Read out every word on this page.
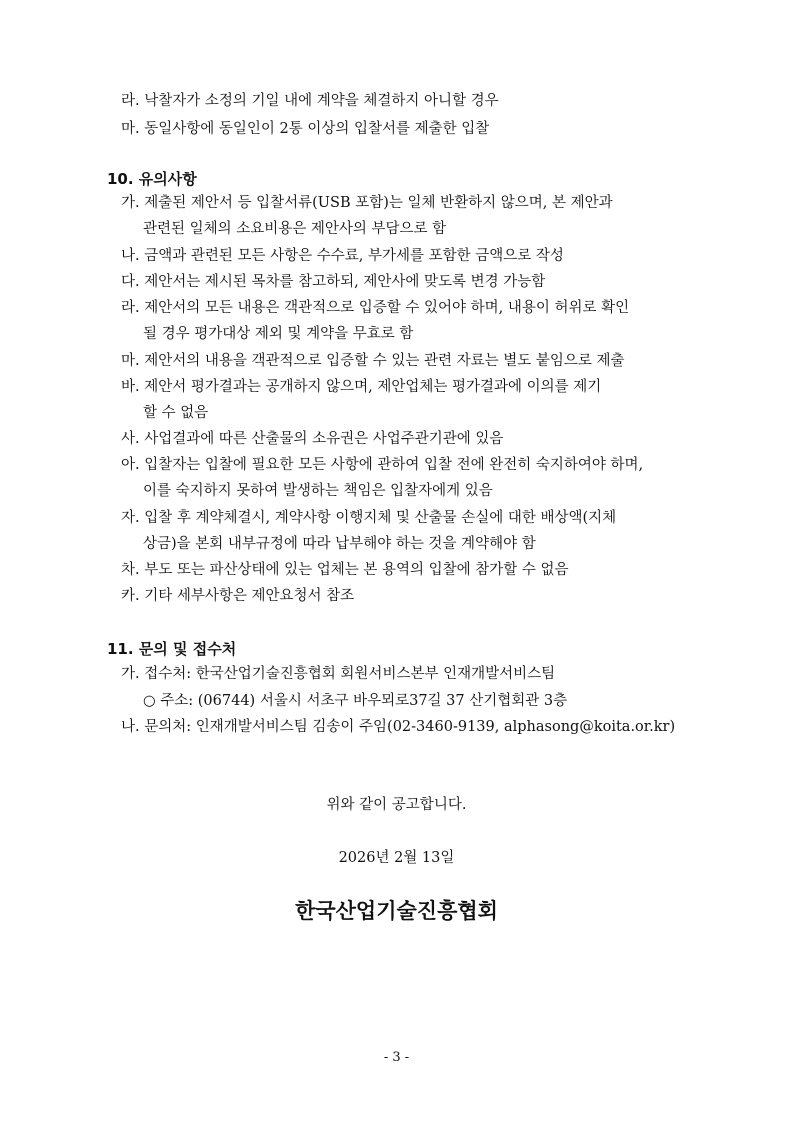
라. 낙찰자가 소정의 기일 내에 계약을 체결하지 아니할 경우
마. 동일사항에 동일인이 2통 이상의 입찰서를 제출한 입찰
10. 유의사항
가. 제출된 제안서 등 입찰서류(USB 포함)는 일체 반환하지 않으며, 본 제안과
관련된 일체의 소요비용은 제안사의 부담으로 함
나. 금액과 관련된 모든 사항은 수수료, 부가세를 포함한 금액으로 작성
다. 제안서는 제시된 목차를 참고하되, 제안사에 맞도록 변경 가능함
라. 제안서의 모든 내용은 객관적으로 입증할 수 있어야 하며, 내용이 허위로 확인
될 경우 평가대상 제외 및 계약을 무효로 함
마. 제안서의 내용을 객관적으로 입증할 수 있는 관련 자료는 별도 붙임으로 제출
바. 제안서 평가결과는 공개하지 않으며, 제안업체는 평가결과에 이의를 제기
할 수 없음
사. 사업결과에 따른 산출물의 소유권은 사업주관기관에 있음
아. 입찰자는 입찰에 필요한 모든 사항에 관하여 입찰 전에 완전히 숙지하여야 하며,
이를 숙지하지 못하여 발생하는 책임은 입찰자에게 있음
자. 입찰 후 계약체결시, 계약사항 이행지체 및 산출물 손실에 대한 배상액(지체
상금)을 본회 내부규정에 따라 납부해야 하는 것을 계약해야 함
차. 부도 또는 파산상태에 있는 업체는 본 용역의 입찰에 참가할 수 없음
카. 기타 세부사항은 제안요청서 참조
11. 문의 및 접수처
가. 접수처: 한국산업기술진흥협회 회원서비스본부 인재개발서비스팀
○ 주소: (06744) 서울시 서초구 바우뫼로37길 37 산기협회관 3층
나. 문의처: 인재개발서비스팀 김송이 주임(02-3460-9139, alphasong@koita.or.kr)
위와 같이 공고합니다.
2026년 2월 13일
한국산업기술진흥협회
- 3 -
